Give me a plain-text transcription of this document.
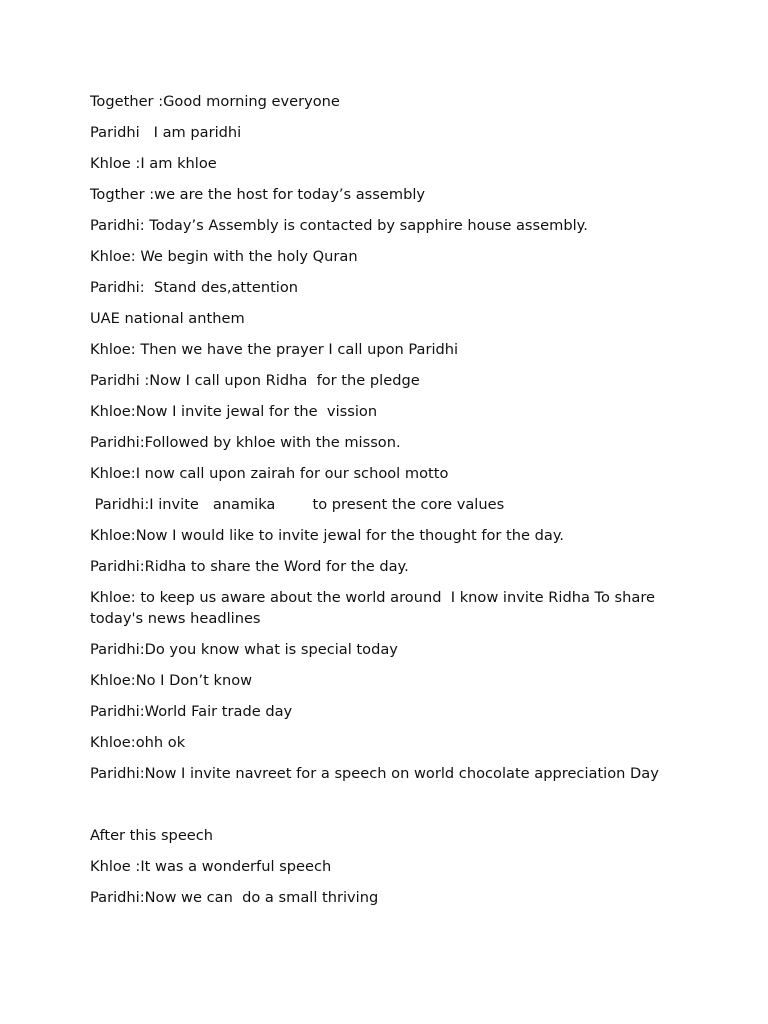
Together :Good morning everyone

Paridhi   I am paridhi

Khloe :I am khloe

Togther :we are the host for today’s assembly

Paridhi: Today’s Assembly is contacted by sapphire house assembly.

Khloe: We begin with the holy Quran

Paridhi:  Stand des,attention

UAE national anthem

Khloe: Then we have the prayer I call upon Paridhi

Paridhi :Now I call upon Ridha  for the pledge

Khloe:Now I invite jewal for the  vission

Paridhi:Followed by khloe with the misson.

Khloe:I now call upon zairah for our school motto

Paridhi:I invite   anamika        to present the core values

Khloe:Now I would like to invite jewal for the thought for the day.

Paridhi:Ridha to share the Word for the day.

Khloe: to keep us aware about the world around  I know invite Ridha To share today's news headlines

Paridhi:Do you know what is special today

Khloe:No I Don’t know

Paridhi:World Fair trade day

Khloe:ohh ok

Paridhi:Now I invite navreet for a speech on world chocolate appreciation Day

After this speech

Khloe :It was a wonderful speech

Paridhi:Now we can  do a small thriving
